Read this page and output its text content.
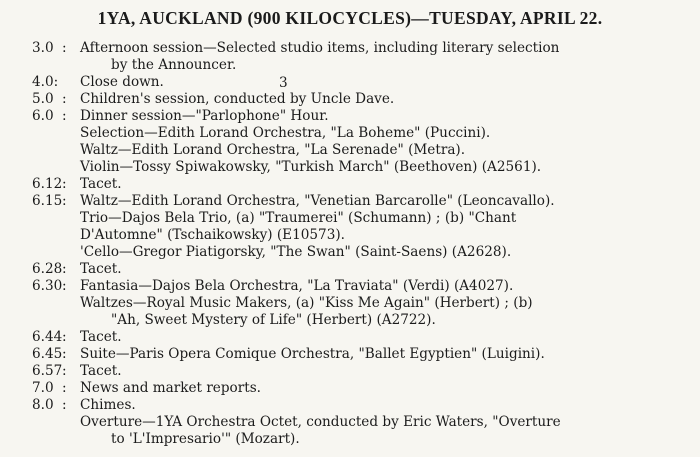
1YA, AUCKLAND (900 KILOCYCLES)—TUESDAY, APRIL 22.
3.0 : Afternoon session—Selected studio items, including literary selection
by the Announcer.
4.0: Close down.
5.0 : Children's session, conducted by Uncle Dave.
6.0 : Dinner session—"Parlophone" Hour.
Selection—Edith Lorand Orchestra, "La Boheme" (Puccini).
Waltz—Edith Lorand Orchestra, "La Serenade" (Metra).
Violin—Tossy Spiwakowsky, "Turkish March" (Beethoven) (A2561).
6.12 : Tacet.
6.15 : Waltz—Edith Lorand Orchestra, "Venetian Barcarolle" (Leoncavallo).
Trio—Dajos Bela Trio, (a) "Traumerei" (Schumann) ; (b) "Chant
D'Automne" (Tschaikowsky) (E10573).
'Cello—Gregor Piatigorsky, "The Swan" (Saint-Saens) (A2628).
6.28 : Tacet.
6.30 : Fantasia—Dajos Bela Orchestra, "La Traviata" (Verdi) (A4027).
Waltzes—Royal Music Makers, (a) "Kiss Me Again" (Herbert) ; (b)
"Ah, Sweet Mystery of Life" (Herbert) (A2722).
6.44 : Tacet.
6.45 : Suite—Paris Opera Comique Orchestra, "Ballet Egyptien" (Luigini).
6.57 : Tacet.
7.0 : News and market reports.
8.0 : Chimes.
Overture—1YA Orchestra Octet, conducted by Eric Waters, "Overture
to 'L'Impresario'" (Mozart).
3
